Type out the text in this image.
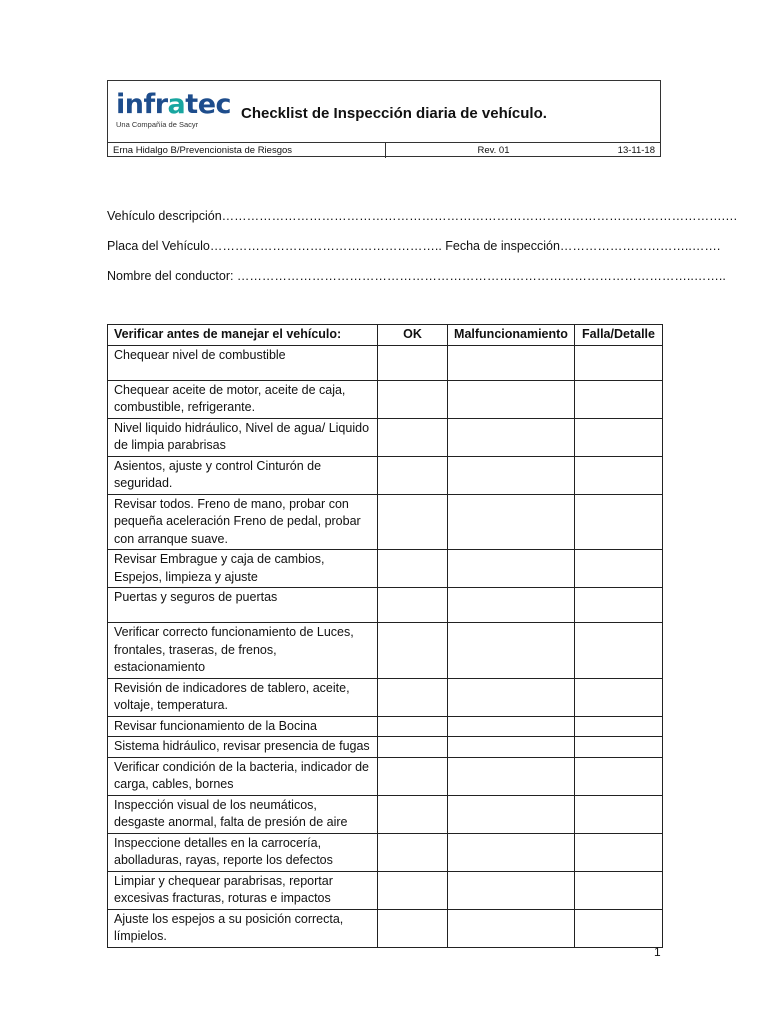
infratec
Una Compañía de Sacyr
Checklist de Inspección diaria de vehículo.
Erna Hidalgo B/Prevencionista de Riesgos	Rev. 01	13-11-18
Vehículo descripción………………………………………………………………………………………………………….…
Placa del Vehículo……………………………………………….. Fecha de inspección…………………………..…….
Nombre del conductor: ………………………………………………………………………………………………..……..
Verificar antes de manejar el vehículo:	OK	Malfuncionamiento	Falla/Detalle
Chequear nivel de combustible			
Chequear aceite de motor, aceite de caja, combustible, refrigerante.			
Nivel liquido hidráulico, Nivel de agua/ Liquido de limpia parabrisas			
Asientos, ajuste y control Cinturón de seguridad.			
Revisar todos. Freno de mano, probar con pequeña aceleración Freno de pedal, probar con arranque suave.			
Revisar Embrague y caja de cambios, Espejos, limpieza y ajuste			
Puertas y seguros de puertas			
Verificar correcto funcionamiento de Luces, frontales, traseras, de frenos, estacionamiento			
Revisión de indicadores de tablero, aceite, voltaje, temperatura.			
Revisar funcionamiento de la Bocina			
Sistema hidráulico, revisar presencia de fugas			
Verificar condición de la bacteria, indicador de carga, cables, bornes			
Inspección visual de los neumáticos, desgaste anormal, falta de presión de aire			
Inspeccione detalles en la carrocería, abolladuras, rayas, reporte los defectos			
Limpiar y chequear parabrisas, reportar excesivas fracturas, roturas e impactos			
Ajuste los espejos a su posición correcta, límpielos.			
1
